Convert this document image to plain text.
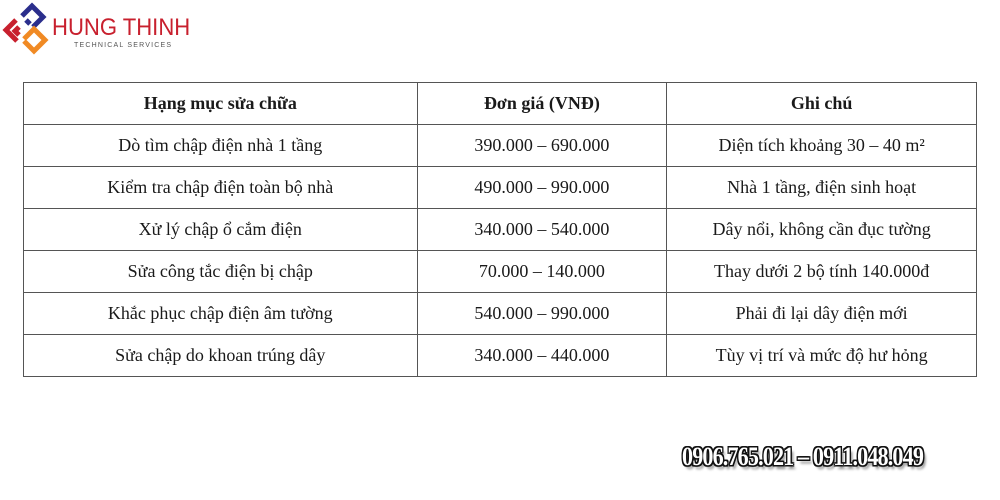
HUNG THINH
TECHNICAL SERVICES
Hạng mục sửa chữa	Đơn giá (VNĐ)	Ghi chú
Dò tìm chập điện nhà 1 tầng	390.000 – 690.000	Diện tích khoảng 30 – 40 m²
Kiểm tra chập điện toàn bộ nhà	490.000 – 990.000	Nhà 1 tầng, điện sinh hoạt
Xử lý chập ổ cắm điện	340.000 – 540.000	Dây nổi, không cần đục tường
Sửa công tắc điện bị chập	70.000 – 140.000	Thay dưới 2 bộ tính 140.000đ
Khắc phục chập điện âm tường	540.000 – 990.000	Phải đi lại dây điện mới
Sửa chập do khoan trúng dây	340.000 – 440.000	Tùy vị trí và mức độ hư hỏng
0906.765.021 – 0911.048.049
